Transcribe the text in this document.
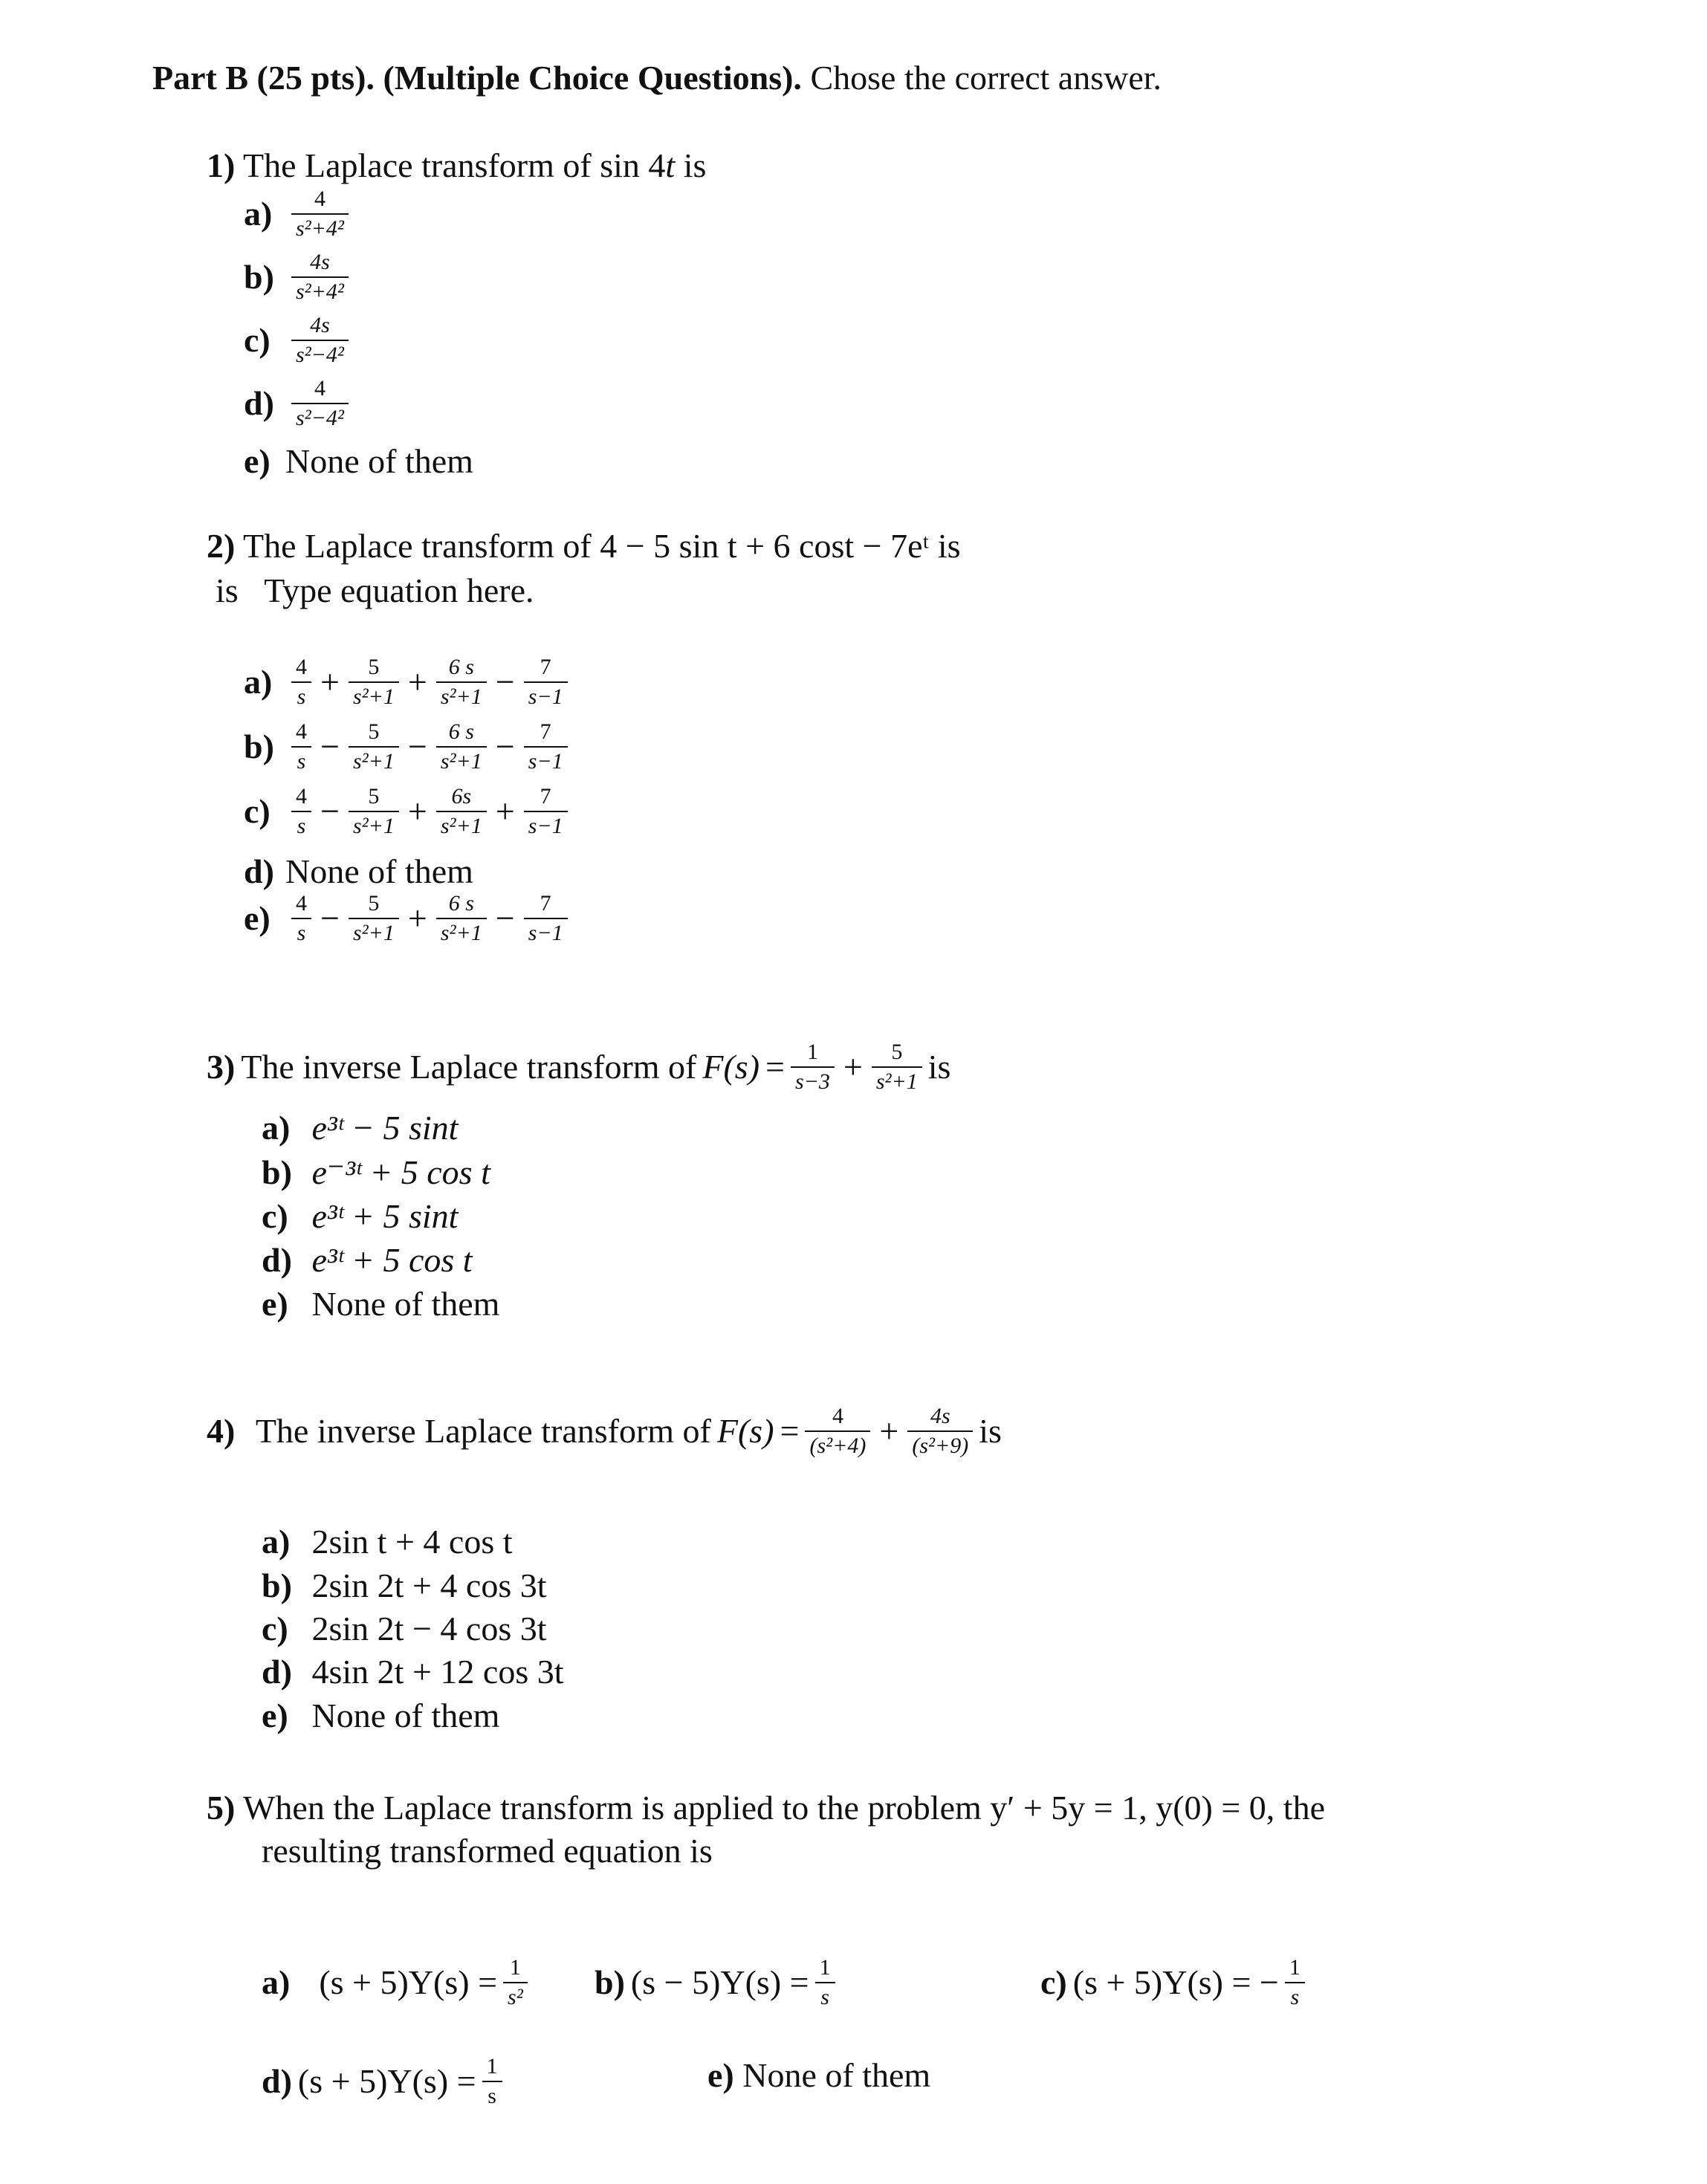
Part B (25 pts). (Multiple Choice Questions). Chose the correct answer.
1) The Laplace transform of sin 4t is
$a) \frac{4}{\text{s²+4²}}$
$b) \frac{4s}{\text{s²+4²}}$
$c) \frac{4s}{\text{s²−4²}}$
$d) \frac{4}{\text{s²−4²}}$
e) None of them
2) The Laplace transform of 4 − 5 sin t + 6 cost − 7eᵗ is
is Type equation here.
$a) \frac{4}{s} + \frac{5}{\text{s²+1}} + \frac{6 s}{\text{s²+1}} - \frac{7}{s-1}$
$b) \frac{4}{s} - \frac{5}{\text{s²+1}} - \frac{6 s}{\text{s²+1}} - \frac{7}{s-1}$
$c) \frac{4}{s} - \frac{5}{\text{s²+1}} + \frac{6s}{\text{s²+1}} + \frac{7}{s-1}$
d) None of them
$e) \frac{4}{s} - \frac{5}{\text{s²+1}} + \frac{6 s}{\text{s²+1}} - \frac{7}{s-1}$
3) The inverse Laplace transform of $F(s) = \frac{1}{s-3} + \frac{5}{\text{s²+1}}$ is
a) e³ᵗ − 5 sint
b) e⁻³ᵗ + 5 cos t
c) e³ᵗ + 5 sint
d) e³ᵗ + 5 cos t
e) None of them
4)
The inverse Laplace transform of $F(s) = \frac{4}{\text{(s²+4)}} + \frac{4s}{\text{(s²+9)}}$ is
a) 2sin t + 4 cos t
b) 2sin 2t + 4 cos 3t
c) 2sin 2t − 4 cos 3t
d) 4sin 2t + 12 cos 3t
e) None of them
5) When the Laplace transform is applied to the problem y′ + 5y = 1, y(0) = 0, the
resulting transformed equation is
a)
$(s + 5)Y(s) = \frac{1}{\text{s²}} b$) $(s - 5)Y(s) = \frac{1}{s}$	c) (s + 5)Y(s) = − $\frac{1}{s}$
d) $(s + 5)Y(s) = \frac{1}{s}$	e) None of them
